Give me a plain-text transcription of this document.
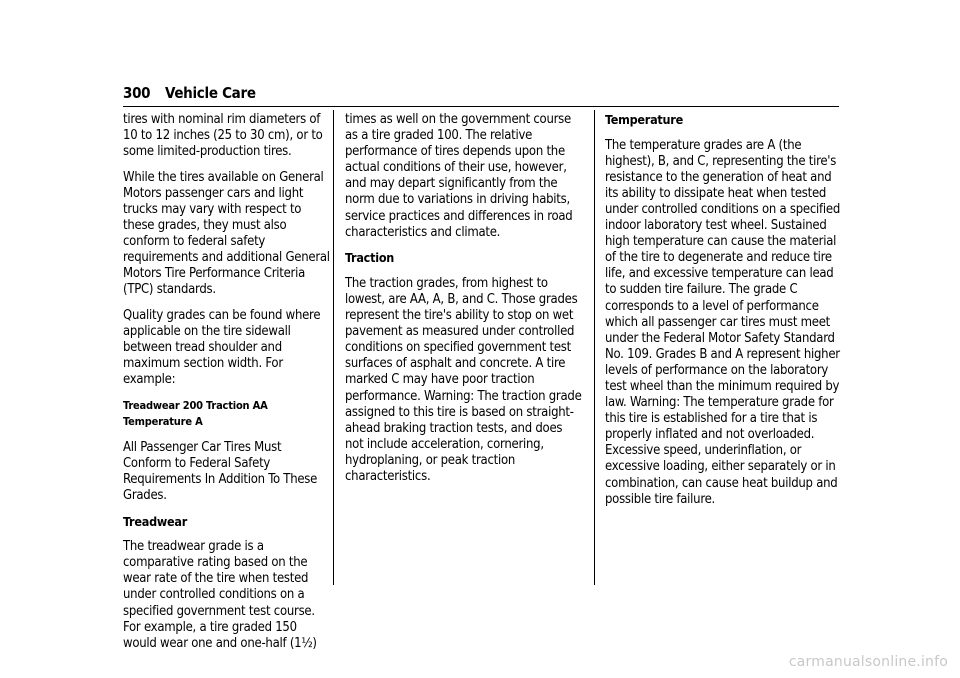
300 Vehicle Care

tires with nominal rim diameters of 10 to 12 inches (25 to 30 cm), or to some limited-production tires.

While the tires available on General Motors passenger cars and light trucks may vary with respect to these grades, they must also conform to federal safety requirements and additional General Motors Tire Performance Criteria (TPC) standards.

Quality grades can be found where applicable on the tire sidewall between tread shoulder and maximum section width. For example:

Treadwear 200 Traction AA Temperature A

All Passenger Car Tires Must Conform to Federal Safety Requirements In Addition To These Grades.

Treadwear

The treadwear grade is a comparative rating based on the wear rate of the tire when tested under controlled conditions on a specified government test course. For example, a tire graded 150 would wear one and one-half (1½)

times as well on the government course as a tire graded 100. The relative performance of tires depends upon the actual conditions of their use, however, and may depart significantly from the norm due to variations in driving habits, service practices and differences in road characteristics and climate.

Traction

The traction grades, from highest to lowest, are AA, A, B, and C. Those grades represent the tire's ability to stop on wet pavement as measured under controlled conditions on specified government test surfaces of asphalt and concrete. A tire marked C may have poor traction performance. Warning: The traction grade assigned to this tire is based on straight-ahead braking traction tests, and does not include acceleration, cornering, hydroplaning, or peak traction characteristics.

Temperature

The temperature grades are A (the highest), B, and C, representing the tire's resistance to the generation of heat and its ability to dissipate heat when tested under controlled conditions on a specified indoor laboratory test wheel. Sustained high temperature can cause the material of the tire to degenerate and reduce tire life, and excessive temperature can lead to sudden tire failure. The grade C corresponds to a level of performance which all passenger car tires must meet under the Federal Motor Safety Standard No. 109. Grades B and A represent higher levels of performance on the laboratory test wheel than the minimum required by law. Warning: The temperature grade for this tire is established for a tire that is properly inflated and not overloaded. Excessive speed, underinflation, or excessive loading, either separately or in combination, can cause heat buildup and possible tire failure.

carmanualsonline.info
